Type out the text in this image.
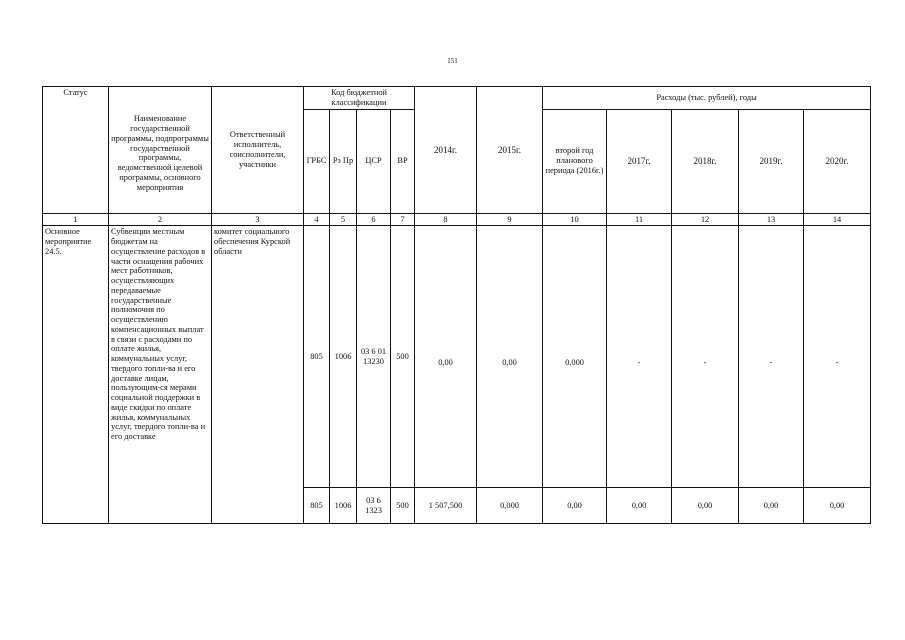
151
Статус	Наименование государственной программы, подпрограммы государственной программы, ведомственной целевой программы, основного мероприятия	Ответственный исполнитель, соисполнители, участники	Код бюджетной классификации				2014г.	2015г.	Расходы (тыс. рублей), годы				
			ГРБС	Рз Пр	ЦСР	ВР			второй год планового периода (2016г.)	2017г.	2018г.	2019г.	2020г.
1	2	3	4	5	6	7	8	9	10	11	12	13	14
Основное мероприятие 24.5.	Субвенции местным бюджетам на осуществление расходов в части оснащения рабочих мест работников, осуществляющих передаваемые государственные полномочия по осуществлению компенсационных выплат в связи с расходами по оплате жилья, коммунальных услуг, твердого топли-ва и его доставке лицам, пользующим-ся мерами социальной поддержки в виде скидки по оплате жилья, коммунальных услуг, твердого топли-ва и его доставке	комитет социального обеспечения Курской области	805	1006	03 6 01 13230	500	0,00	0,00	0,000	-	-	-	-
			805	1006	03 6 1323	500	1 507,500	0,000	0,00	0,00	0,00	0,00	0,00
